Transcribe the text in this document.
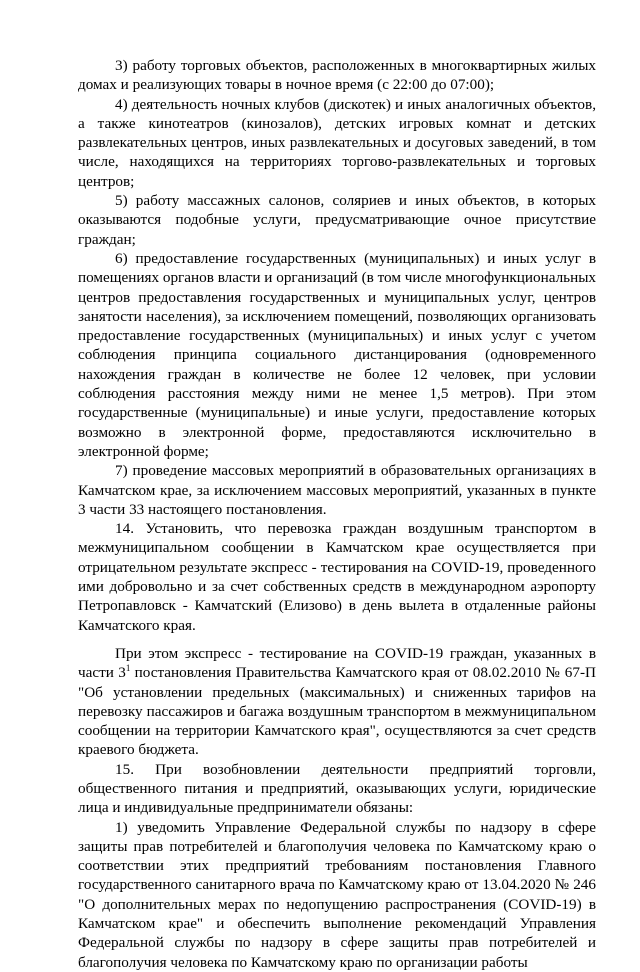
3) работу торговых объектов, расположенных в многоквартирных жилых домах и реализующих товары в ночное время (с 22:00 до 07:00);

4) деятельность ночных клубов (дискотек) и иных аналогичных объектов, а также кинотеатров (кинозалов), детских игровых комнат и детских развлекательных центров, иных развлекательных и досуговых заведений, в том числе, находящихся на территориях торгово-развлекательных и торговых центров;

5) работу массажных салонов, соляриев и иных объектов, в которых оказываются подобные услуги, предусматривающие очное присутствие граждан;

6) предоставление государственных (муниципальных) и иных услуг в помещениях органов власти и организаций (в том числе многофункциональных центров предоставления государственных и муниципальных услуг, центров занятости населения), за исключением помещений, позволяющих организовать предоставление государственных (муниципальных) и иных услуг с учетом соблюдения принципа социального дистанцирования (одновременного нахождения граждан в количестве не более 12 человек, при условии соблюдения расстояния между ними не менее 1,5 метров). При этом государственные (муниципальные) и иные услуги, предоставление которых возможно в электронной форме, предоставляются исключительно в электронной форме;

7) проведение массовых мероприятий в образовательных организациях в Камчатском крае, за исключением массовых мероприятий, указанных в пункте 3 части 33 настоящего постановления.

14. Установить, что перевозка граждан воздушным транспортом в межмуниципальном сообщении в Камчатском крае осуществляется при отрицательном результате экспресс - тестирования на COVID-19, проведенного ими добровольно и за счет собственных средств в международном аэропорту Петропавловск - Камчатский (Елизово) в день вылета в отдаленные районы Камчатского края.

При этом экспресс - тестирование на COVID-19 граждан, указанных в части $3^1$ постановления Правительства Камчатского края от 08.02.2010 № 67-П "Об установлении предельных (максимальных) и сниженных тарифов на перевозку пассажиров и багажа воздушным транспортом в межмуниципальном сообщении на территории Камчатского края", осуществляются за счет средств краевого бюджета.

15. При возобновлении деятельности предприятий торговли, общественного питания и предприятий, оказывающих услуги, юридические лица и индивидуальные предприниматели обязаны:

1) уведомить Управление Федеральной службы по надзору в сфере защиты прав потребителей и благополучия человека по Камчатскому краю о соответствии этих предприятий требованиям постановления Главного государственного санитарного врача по Камчатскому краю от 13.04.2020 № 246 "О дополнительных мерах по недопущению распространения (COVID-19) в Камчатском крае" и обеспечить выполнение рекомендаций Управления Федеральной службы по надзору в сфере защиты прав потребителей и благополучия человека по Камчатскому краю по организации работы
